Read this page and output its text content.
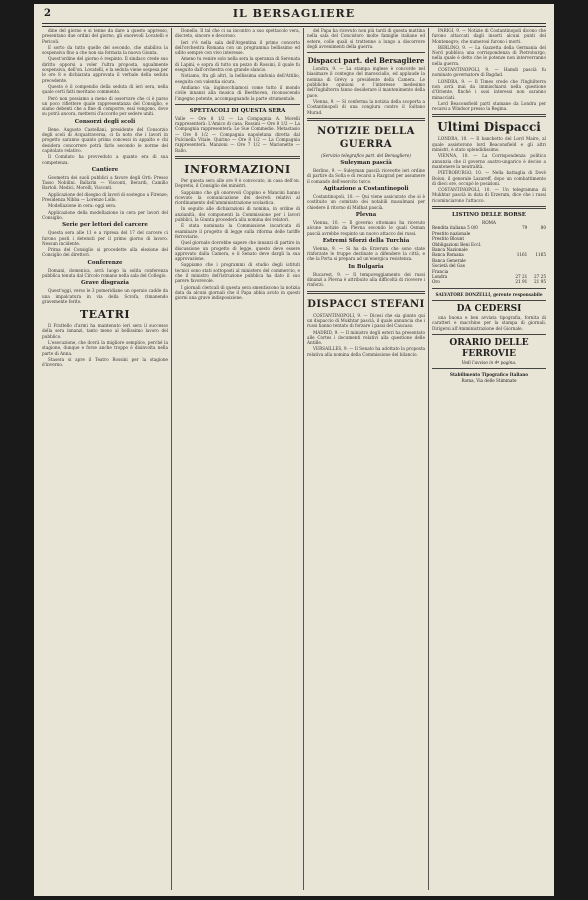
2	IL BERSAGLIERE

dine del giorno e si tenne da dare a questo appresso, presentano due ordini del giorno, gli onorevoli Lovatelli e Pericoli.

E sorto da tutto quelle del secondo, che stabiliva la sospensiva fino a che non sia formata la nuova Giunta.

Quest'ordine del giorno è respinto. Il sindaco crede suo diritto opporsi a voler l'ultra proposta, ugualmente sospensiva, dell'on. Lovatelli, e la seduta viene sospesa per le ore 8 e dichiarata approvata il verbale della seduta precedente.

Questo è il compendio della seduta di ieri sera, nella quale certi fatti meritano commento.

Però non possiamo a meno di osservare che ci è parso un poco riflettere quale rappresentanza del Consiglio, e siamo debenti che a fine di comporre, essi vengono, dove su potrà ancora, mettersi d'accordo per sedere uniti.

Consorzi degli scoli

Bene. Augusto Castellani, presidente del Consorzio degli scoli di Acquatraversa, ci fa noto che i lavori in progetto saranno quanto prima concessi in appalto e chi desidera concorrere potrà farlo secondo le norme del capitolato relativo.

Il Comitato ha provveduto a quanto era di sua competenza.

Cantiere

Geometra dei suoli pubblici a favore degli Orti: Presso Tasso Nobilini. Ballarin — Visconti, Berardi, Camillo Bartoli. Medici, Morelli, Visconti.

Applicazione del disegno di lavori di sostegno a Firenze; Presidenza Nibba — Lorenzo Lollo.

Modellazione in cera: oggi sera.

Applicazione della modellazione in cera per lavori del Consiglio.

Serie per lettori del carcere

Questa sera alle 11 e a ripresa del 17 del carcere ci furono posti i detenuti per il primo giorno di lavoro. Nessun incidente.

Prima del Consiglio si procedette alla elezione del Consiglio dei direttori.

Conferenze

Domani, domenica, avrà luogo la solita conferenza pubblica tenuta dal Circolo romano nella sala del Collegio.

Grave disgrazia

Quest'oggi, verso le 3 pomeridiane un operaio cadde da una impalcatura in via della Scrofa, rimanendo gravemente ferito.

TEATRI

Il Frattello d'armi ha mantenuto ieri sera il successo della sera innanzi, tanto meno al bellissimo lavoro del pubblico.

L'esecuzione, che dovrà la migliore semplice, perché la stagione, dunque e forse anche troppo è disinvolta nella parte di Anna.

Stasera si apre il Teatro Rossini per la stagione d'inverno.

Donello. Il tal che ci sa incontro a suo spettacolo vera, discreto, sincero e decoroso.

Ieri v'è nella sala dell'Argentina il primo concerto dell'orchestra Romana con un programma bellissimo ed udito sempre con vivo interesse.

Ameno tu venire solo nella sera la speranza di Serenata di Lapini, e sopra di tutto un pezzo di Rossini, il quale fu eseguito dall'orchestra con grande slancio.

Notiamo, fra gli altri, la bellissima sinfonia dell'Attilio, eseguita con valentia sicura.

Andiamo via; inginocchiamoci come tutto il mondo civile innanzi alla musica di Beethoven, riconoscendo l'ingegno potente, accompagnando la parte strumentale.

SPETTACOLI DI QUESTA SERA
Valle — Ore 8 1/2 — La Compagnia A. Morelli rappresenterà: L'Amico di casa. Rossini — Ore 8 1/2 — La Compagnia rappresenterà: Le Sue Commedie. Metastasio — Ore 8 1/2 — Compagnia napoletana diretta dal Pulcinella Vitale. Quirino — Ore 8 1/2 — La Compagnia rappresenterà. Manzoni — Ore 7 1/2 — Marionette — Ballo.
INFORMAZIONI

Per questa sera alle ore 9 è convocato, in casa dell'on. Depretis, il Consiglio dei ministri.

Sappiamo che gli onorevoli Coppino e Mancini hanno ricevuto la comunicazione dei decreti relativi al riordinamento dell'amministrazione scolastica.

In seguito alle dichiarazioni di nomina, in ordine di anzianità, dei componenti la Commissione per i lavori pubblici, la Giunta procederà alla nomina dei relatori.

È stata nominata la Commissione incaricata di esaminare il progetto di legge sulla riforma delle tariffe ferroviarie.

Quel giornale dovrebbe sapere che innanzi di partire in discussione un progetto di legge, questo deve essere approvato dalla Camera, e il Senato deve dargli la sua approvazione.

Sappiamo che i programmi di studio degli istituti tecnici sono stati sottoposti al ministero del commercio, e che il ministro dell'istruzione pubblica ha dato il suo parere favorevole.

I giornali clericali di questa sera smentiscono la notizia data da alcuni giornali che il Papa abbia avuto in questi giorni una grave indisposizione.

del Papa ha ricevuto non più tardi di questa mattina nella sala del Concistoro molte famiglie italiane ed estere, colle quali si trattenne a lungo a discorrere degli avvenimenti della guerra.

Dispacci part. del Bersagliere

Londra, 9. — La stampa inglese è concorde nel biasimare il contegno del maresciallo, ed applaude la nomina di Grévy a presidente della Camera. Le pubbliche opinioni e l'interesse medesimo dell'Inghilterra fanno desiderare il mantenimento della pace.

Vienna, 9. — Si conferma la notizia della scoperta a Costantinopoli di una congiura contro il Sultano Murad.

NOTIZIE DELLA GUERRA
(Servizio telegrafico part. del Bersagliere)
Suleyman pascià

Berlino, 9. — Suleyman pascià ricevette ieri ordine di partire da Sofia e di recarsi a Razgrad per assumere il comando dell'esercito turco.

Agitazione a Costantinopoli

Costantinopoli, 10. — Qui viene assicurato che si è costituito un comitato dei notabili musulmani per chiedere il ritorno di Midhat pascià.

Plevna

Vienna, 10. — Il governo ottomano ha ricevuto alcune notizie da Plevna secondo le quali Osman pascià avrebbe respinto un nuovo attacco dei russi.

Estremi Sforzi della Turchia

Vienna, 9. — Si ha da Erzerum che sono state rinforzate le truppe destinate a difendere la città, e che la Porta si prepara ad un'energica resistenza.

In Bulgaria

Bucarest, 9. — Il temporeggiamento dei russi dinanzi a Plevna è attribuito alla difficoltà di ricevere i rinforzi.

DISPACCI STEFANI

COSTANTINOPOLI, 9. — Dicesi che sia giunto qui un dispaccio di Mukhtar pascià, il quale annuncia che i russi hanno tentato di forzare i passi del Caucaso.

MADRID, 9. — Il ministro degli esteri ha presentato alle Cortes i documenti relativi alla questione delle Antille.

VERSAILLES, 9. — Il Senato ha adottato la proposta relativa alla nomina della Commissione del bilancio.

PARIGI, 9. — Notizie di Costantinopoli dicono che furono attaccati dagli insorti alcuni punti del Montenegro; che numerosi furono i morti.

BERLINO, 9. — La Gazzetta della Germania del Nord pubblica una corrispondenza di Pietroburgo, nella quale è detto che le potenze non interverranno nella guerra.

COSTANTINOPOLI, 9. — Hamdi pascià fu nominato governatore di Bagdad.

LONDRA, 9. — Il Times crede che l'Inghilterra non avrà mai da immischiarsi nella questione d'Oriente, finché i suoi interessi non saranno minacciati.

Lord Beaconsfield partì stamane da Londra per recarsi a Windsor presso la Regina.

Ultimi Dispacci

LONDRA, 10. — Il banchetto del Lord Maire, al quale assisterono lord Beaconsfield e gli altri ministri, è stato splendidissimo.

VIENNA, 10. — La Corrispondenza politica annunzia che il governo austro-ungarico è deciso a mantenere la neutralità.

PIETROBURGO, 10. — Nella battaglia di Dovè Boiun, il generale Lazareff, dopo un combattimento di dieci ore, occupò le posizioni.

COSTANTINOPOLI, 10. — Un telegramma di Mukhtar pascià in data di Erzerum, dice che i russi ricominciarono l'attacco.

LISTINO DELLE BORSE
ROMA
Rendita italiana 5 0/0	79	80
Prestito nazionale		
Prestito Blount		
Obbligazioni Beni Eccl.		
Banca Nazionale		
Banca Romana	1161	1165
Banca Generale		
Società del Gas		
Francia		
Londra	27 21	27 25
Oro	21 91	21 95
SALVATORE DONZELLI, gerente responsabile
DA CEDERSI

una buona e ben avviata tipografia, fornita di caratteri e macchine per la stampa di giornali. Dirigersi all'Amministrazione del Giornale.

ORARIO DELLE FERROVIE
Vedi l'avviso in 4ª pagina.
Stabilimento Tipografico Italiano
Roma, Via delle Stimmate
